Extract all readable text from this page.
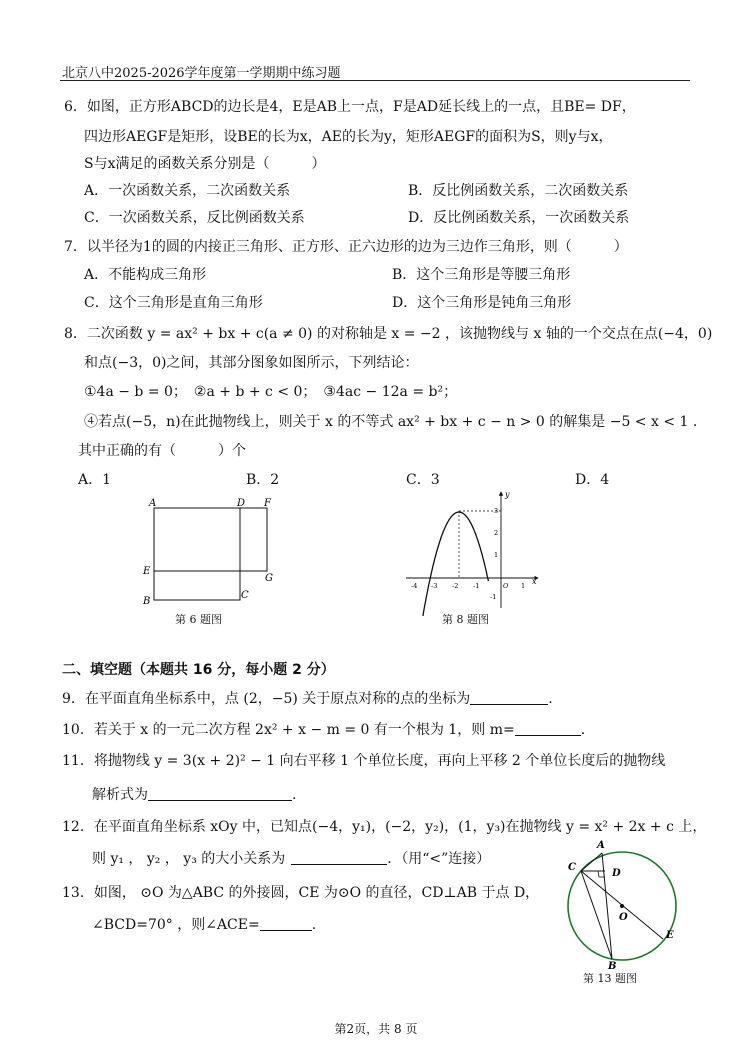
北京八中2025-2026学年度第一学期期中练习题
6．如图，正方形ABCD的边长是4，E是AB上一点，F是AD延长线上的一点，且BE= DF，
四边形AEGF是矩形，设BE的长为x，AE的长为y，矩形AEGF的面积为S，则y与x，
S与x满足的函数关系分别是（　　　）
A．一次函数关系，二次函数关系	B．反比例函数关系，二次函数关系
C．一次函数关系，反比例函数关系	D．反比例函数关系，一次函数关系
7．以半径为1的圆的内接正三角形、正方形、正六边形的边为三边作三角形，则（　　　）
A．不能构成三角形	B．这个三角形是等腰三角形
C．这个三角形是直角三角形	D．这个三角形是钝角三角形
8．二次函数 y = ax² + bx + c(a ≠ 0) 的对称轴是 x = −2 ，该抛物线与 x 轴的一个交点在点(−4，0)
和点(−3，0)之间，其部分图象如图所示，下列结论：
①4a − b = 0；　②a + b + c < 0；　③4ac − 12a = b²；
④若点(−5，n)在此抛物线上，则关于 x 的不等式 ax² + bx + c − n > 0 的解集是 −5 < x < 1 .
其中正确的有（　　　）个
A．1	B．2	C．3	D．4
A	D F
E
G
B
C
第 6 题图
x
y
-4 -3 -2 -1	O 1
3
2
1
-1
第 8 题图
二、填空题（本题共 16 分，每小题 2 分）
9．在平面直角坐标系中，点 (2，−5) 关于原点对称的点的坐标为	.
10．若关于 x 的一元二次方程 2x² + x − m = 0 有一个根为 1，则 m=	.
11．将抛物线 y = 3(x + 2)² − 1 向右平移 1 个单位长度，再向上平移 2 个单位长度后的抛物线
解析式为	.
12．在平面直角坐标系 xOy 中，已知点(−4，y₁)，(−2，y₂)，(1，y₃)在抛物线 y = x² + 2x + c 上，
则 y₁ ， y₂ ， y₃ 的大小关系为	．（用“<”连接）
13．如图， ⊙O 为△ABC 的外接圆，CE 为⊙O 的直径，CD⊥AB 于点 D，
∠BCD=70° ，则∠ACE=	.
A
C
D
O
E
B
第 13 题图
第2页，共 8 页
